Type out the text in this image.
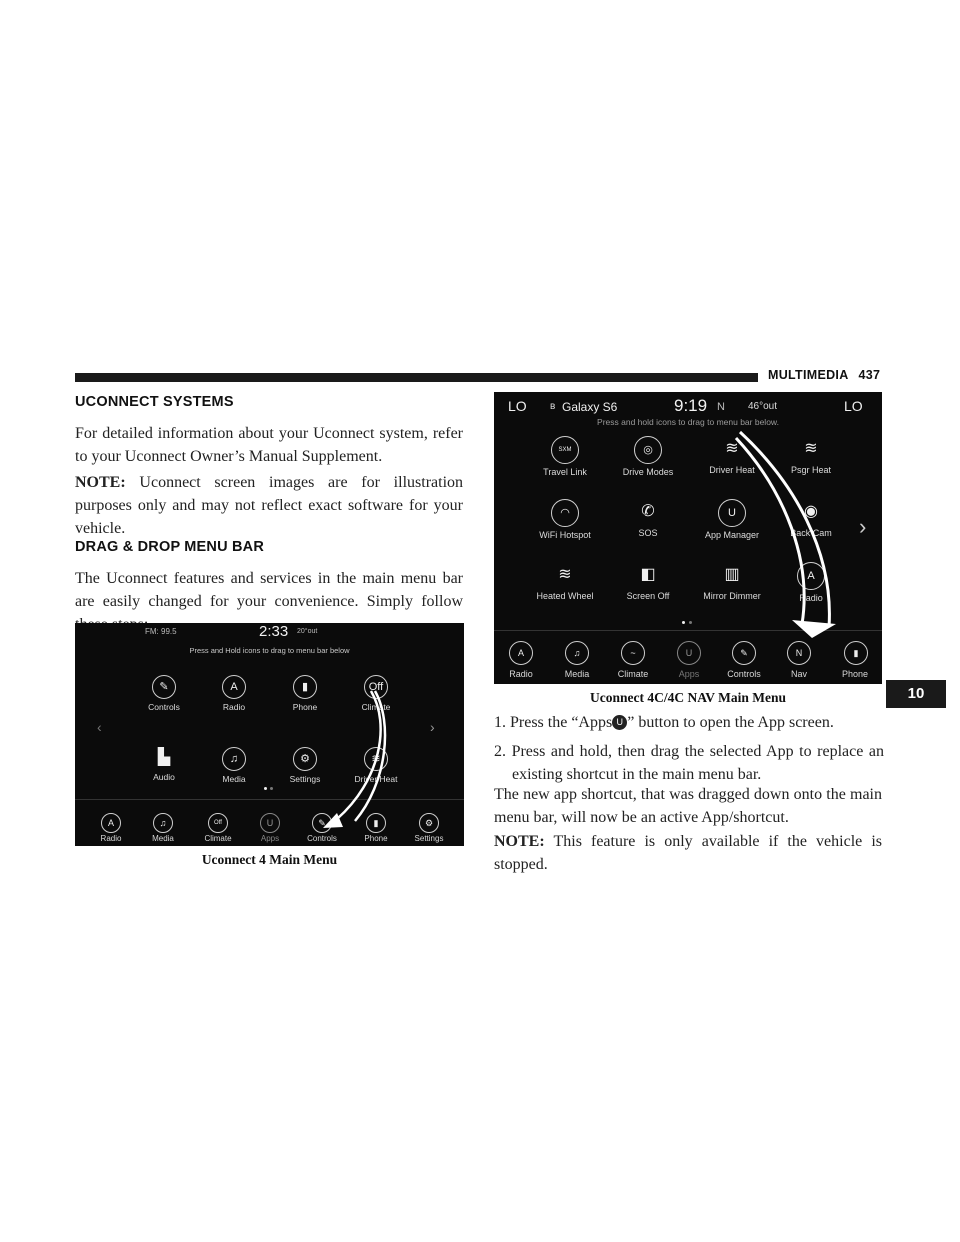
MULTIMEDIA 437
UCONNECT SYSTEMS
For detailed information about your Uconnect system, refer to your Uconnect Owner’s Manual Supplement.
NOTE: Uconnect screen images are for illustration purposes only and may not reflect exact software for your vehicle.
DRAG & DROP MENU BAR
The Uconnect features and services in the main menu bar are easily changed for your convenience. Simply follow
FM: 99.5	2:33 20°out
Press and Hold icons to drag to menu bar below
✎
Controls
A
Radio
▮
Phone
Off
Climate
‹	›
▙
Audio
♫
Media
⚙
Settings
≋
Driver Heat
A	♫	Off	U	✎	▮	⚙
Radio	Media	Climate	Apps	Controls	Phone	Settings
Uconnect 4 Main Menu
LO ʙ Galaxy S6	9:19 N 46°out	LO
Press and hold icons to drag to menu bar below.
SXM
Travel Link
◎
Drive Modes
≋
Driver Heat
≋
Psgr Heat
◠
WiFi Hotspot
✆
SOS
U
App Manager
◉
Back Cam	›
≋
Heated Wheel
◧
Screen Off
▥
Mirror Dimmer
A
Radio
A	♫	~	U	✎	N	▮
Radio	Media	Climate	Apps	Controls	Nav	Phone
Uconnect 4C/4C NAV Main Menu	10
1. Press the “Apps U ” button to open the App screen.
2. Press and hold, then drag the selected App to replace an existing shortcut in the main menu bar.
The new app shortcut, that was dragged down onto the main menu bar, will now be an active App/shortcut.
NOTE: This feature is only available if the vehicle is stopped.
